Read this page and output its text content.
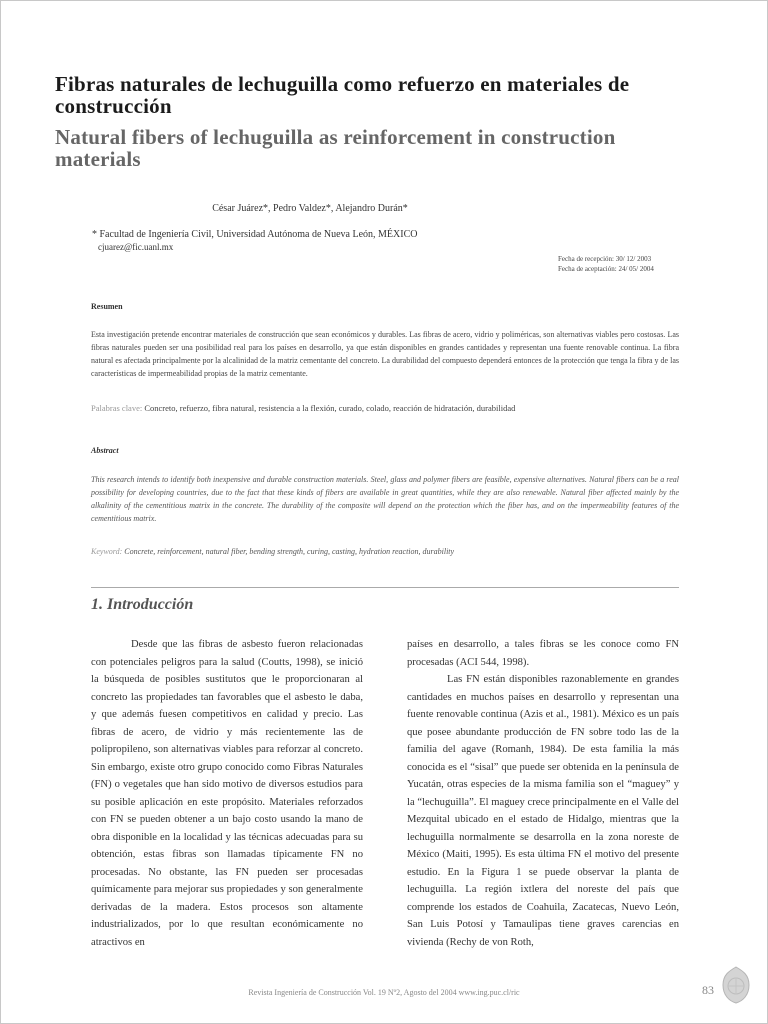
Fibras naturales de lechuguilla como refuerzo en materiales de construcción
Natural fibers of lechuguilla as reinforcement in construction materials
César Juárez*, Pedro Valdez*, Alejandro Durán*
* Facultad de Ingeniería Civil, Universidad Autónoma de Nueva León, MÉXICO
cjuarez@fic.uanl.mx
Fecha de recepción: 30/ 12/ 2003
Fecha de aceptación: 24/ 05/ 2004
Resumen
Esta investigación pretende encontrar materiales de construcción que sean económicos y durables. Las fibras de acero, vidrio y poliméricas, son alternativas viables pero costosas. Las fibras naturales pueden ser una posibilidad real para los países en desarrollo, ya que están disponibles en grandes cantidades y representan una fuente renovable continua. La fibra natural es afectada principalmente por la alcalinidad de la matriz cementante del concreto. La durabilidad del compuesto dependerá entonces de la protección que tenga la fibra y de las características de impermeabilidad propias de la matriz cementante.
Palabras clave: Concreto, refuerzo, fibra natural, resistencia a la flexión, curado, colado, reacción de hidratación, durabilidad
Abstract
This research intends to identify both inexpensive and durable construction materials. Steel, glass and polymer fibers are feasible, expensive alternatives. Natural fibers can be a real possibility for developing countries, due to the fact that these kinds of fibers are available in great quantities, while they are also renewable. Natural fiber affected mainly by the alkalinity of the cementitious matrix in the concrete. The durability of the composite will depend on the protection which the fiber has, and on the impermeability features of the cementitious matrix.
Keyword: Concrete, reinforcement, natural fiber, bending strength, curing, casting, hydration reaction, durability
1. Introducción

Desde que las fibras de asbesto fueron relacionadas con potenciales peligros para la salud (Coutts, 1998), se inició la búsqueda de posibles sustitutos que le proporcionaran al concreto las propiedades tan favorables que el asbesto le daba, y que además fuesen competitivos en calidad y precio. Las fibras de acero, de vidrio y más recientemente las de polipropileno, son alternativas viables para reforzar al concreto. Sin embargo, existe otro grupo conocido como Fibras Naturales (FN) o vegetales que han sido motivo de diversos estudios para su posible aplicación en este propósito. Materiales reforzados con FN se pueden obtener a un bajo costo usando la mano de obra disponible en la localidad y las técnicas adecuadas para su obtención, estas fibras son llamadas típicamente FN no procesadas. No obstante, las FN pueden ser procesadas químicamente para mejorar sus propiedades y son generalmente derivadas de la madera. Estos procesos son altamente industrializados, por lo que resultan económicamente no atractivos en

países en desarrollo, a tales fibras se les conoce como FN procesadas (ACI 544, 1998).

Las FN están disponibles razonablemente en grandes cantidades en muchos países en desarrollo y representan una fuente renovable continua (Azis et al., 1981). México es un país que posee abundante producción de FN sobre todo las de la familia del agave (Romanh, 1984). De esta familia la más conocida es el “sisal” que puede ser obtenida en la península de Yucatán, otras especies de la misma familia son el “maguey” y la “lechuguilla”. El maguey crece principalmente en el Valle del Mezquital ubicado en el estado de Hidalgo, mientras que la lechuguilla normalmente se desarrolla en la zona noreste de México (Maiti, 1995). Es esta última FN el motivo del presente estudio. En la Figura 1 se puede observar la planta de lechuguilla. La región ixtlera del noreste del país que comprende los estados de Coahuila, Zacatecas, Nuevo León, San Luis Potosí y Tamaulipas tiene graves carencias en vivienda (Rechy de von Roth,

Revista Ingeniería de Construcción Vol. 19 Nº2, Agosto del 2004 www.ing.puc.cl/ric	83
